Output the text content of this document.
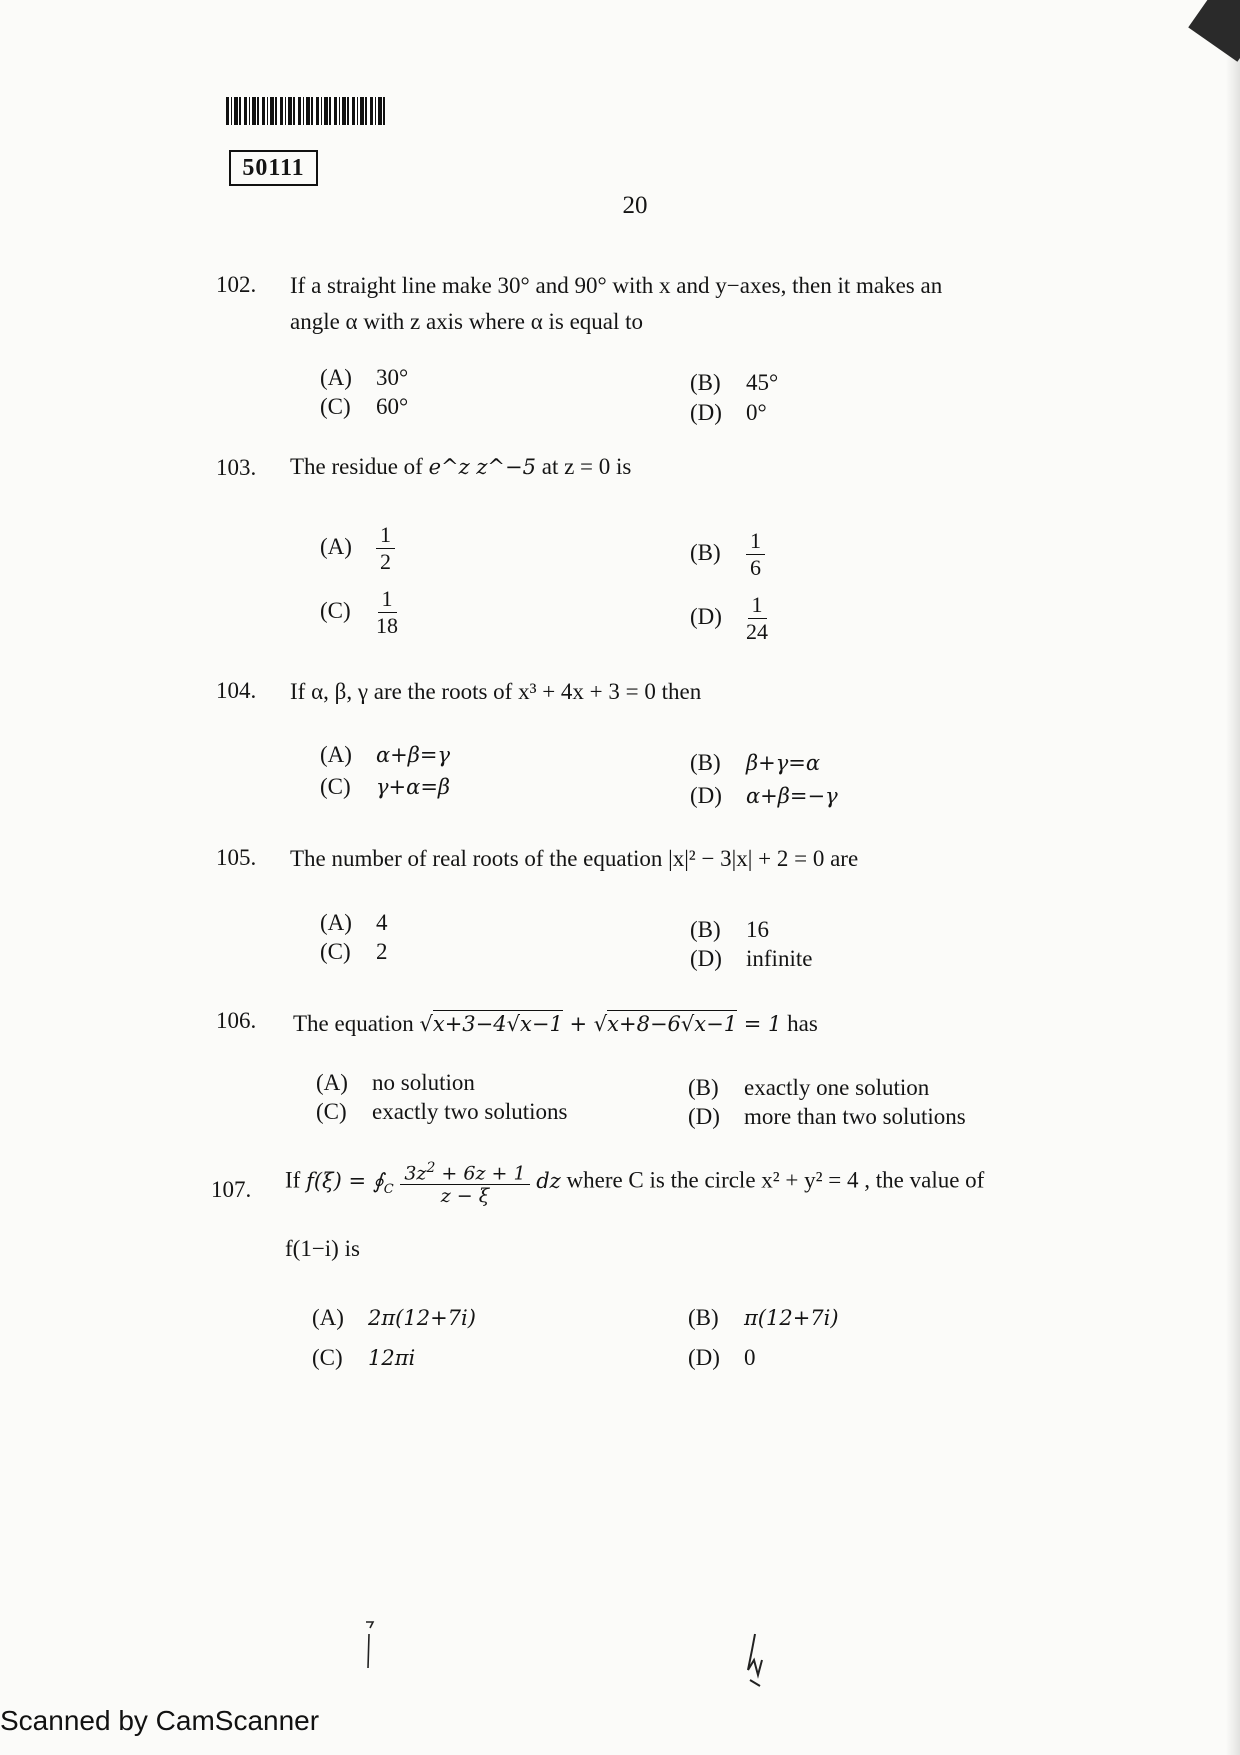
50111
20
102. If a straight line make 30° and 90° with x and y−axes, then it makes an
angle α with z axis where α is equal to
(A) 30°	(B) 45°
(C) 60°	(D) 0°
103. The residue of e^z z^−5 at z = 0 is
$(A) \frac{1}{2}$	$(B) \frac{1}{6}$
$(C) \frac{1}{18}$	$(D) \frac{1}{24}$
104. If α, β, γ are the roots of x³ + 4x + 3 = 0 then
(A) α+β=γ	(B) β+γ=α
(C) γ+α=β	(D) α+β=−γ
105. The number of real roots of the equation |x|² − 3|x| + 2 = 0 are
(A) 4	(B) 16
(C) 2	(D) infinite
106. The equation √x+3−4√x−1 + √x+8−6√x−1 = 1 has
(A) no solution	(B) exactly one solution
(C) exactly two solutions	(D) more than two solutions
107. If $f(\xi) = ∮_C \frac{3z^2 + 6z + 1}{z - \xi}$ dz where C is the circle x² + y² = 4 , the value of
f(1−i) is
(A) 2π(12+7i)	(B) π(12+7i)
(C) 12πi	(D) 0
Scanned by CamScanner
